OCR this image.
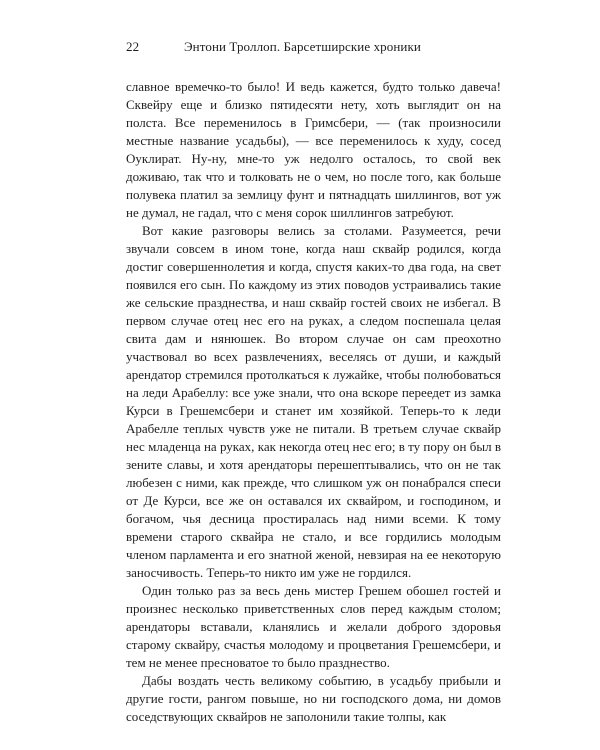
22	Энтони Троллоп. Барсетширские хроники

славное времечко-то было! И ведь кажется, будто только давеча! Сквейру еще и близко пятидесяти нету, хоть выглядит он на полста. Все переменилось в Гримсбери, — (так произносили местные название усадьбы), — все переменилось к худу, сосед Оуклират. Ну-ну, мне-то уж недолго осталось, то свой век доживаю, так что и толковать не о чем, но после того, как больше полувека платил за землицу фунт и пятнадцать шиллингов, вот уж не думал, не гадал, что с меня сорок шиллингов затребуют.

Вот какие разговоры велись за столами. Разумеется, речи звучали совсем в ином тоне, когда наш сквайр родился, когда достиг совершеннолетия и когда, спустя каких-то два года, на свет появился его сын. По каждому из этих поводов устраивались такие же сельские празднества, и наш сквайр гостей своих не избегал. В первом случае отец нес его на руках, а следом поспешала целая свита дам и нянюшек. Во втором случае он сам преохотно участвовал во всех развлечениях, веселясь от души, и каждый арендатор стремился протолкаться к лужайке, чтобы полюбоваться на леди Арабеллу: все уже знали, что она вскоре переедет из замка Курси в Грешемсбери и станет им хозяйкой. Теперь-то к леди Арабелле теплых чувств уже не питали. В третьем случае сквайр нес младенца на руках, как некогда отец нес его; в ту пору он был в зените славы, и хотя арендаторы перешептывались, что он не так любезен с ними, как прежде, что слишком уж он понабрался спеси от Де Курси, все же он оставался их сквайром, и господином, и богачом, чья десница простиралась над ними всеми. К тому времени старого сквайра не стало, и все гордились молодым членом парламента и его знатной женой, невзирая на ее некоторую заносчивость. Теперь-то никто им уже не гордился.

Один только раз за весь день мистер Грешем обошел гостей и произнес несколько приветственных слов перед каждым столом; арендаторы вставали, кланялись и желали доброго здоровья старому сквайру, счастья молодому и процветания Грешемсбери, и тем не менее пресноватое то было празднество.

Дабы воздать честь великому событию, в усадьбу прибыли и другие гости, рангом повыше, но ни господского дома, ни домов соседствующих сквайров не заполонили такие толпы, как
